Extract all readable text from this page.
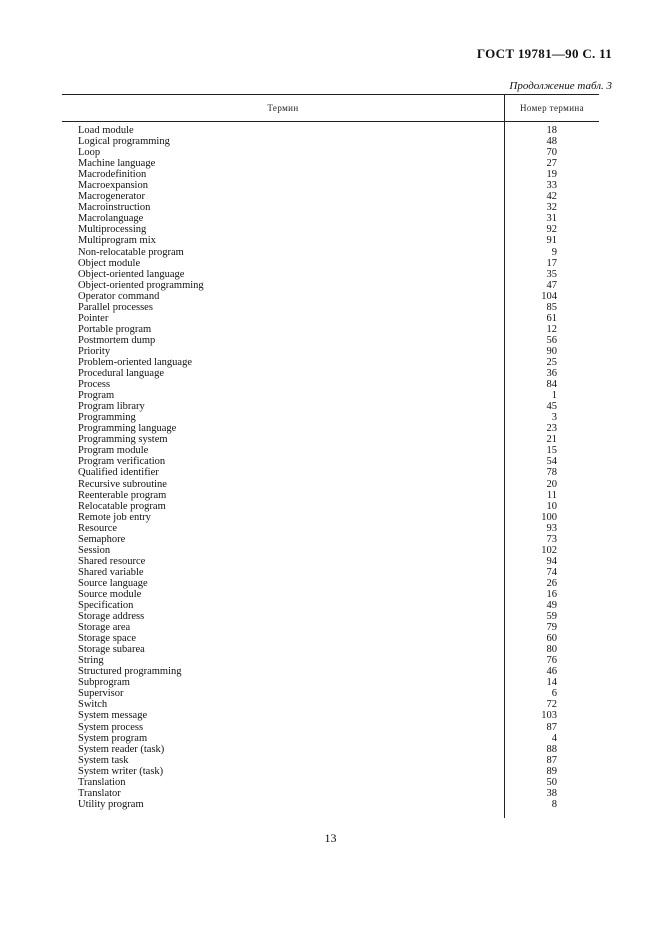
ГОСТ 19781—90 С. 11
Продолжение табл. 3
Термин	Номер термина
Load module	18
Logical programming	48
Loop	70
Machine language	27
Macrodefinition	19
Macroexpansion	33
Macrogenerator	42
Macroinstruction	32
Macrolanguage	31
Multiprocessing	92
Multiprogram mix	91
Non-relocatable program	9
Object module	17
Object-oriented language	35
Object-oriented programming	47
Operator command	104
Parallel processes	85
Pointer	61
Portable program	12
Postmortem dump	56
Priority	90
Problem-oriented language	25
Procedural language	36
Process	84
Program	1
Program library	45
Programming	3
Programming language	23
Programming system	21
Program module	15
Program verification	54
Qualified identifier	78
Recursive subroutine	20
Reenterable program	11
Relocatable program	10
Remote job entry	100
Resource	93
Semaphore	73
Session	102
Shared resource	94
Shared variable	74
Source language	26
Source module	16
Specification	49
Storage address	59
Storage area	79
Storage space	60
Storage subarea	80
String	76
Structured programming	46
Subprogram	14
Supervisor	6
Switch	72
System message	103
System process	87
System program	4
System reader (task)	88
System task	87
System writer (task)	89
Translation	50
Translator	38
Utility program	8
13
